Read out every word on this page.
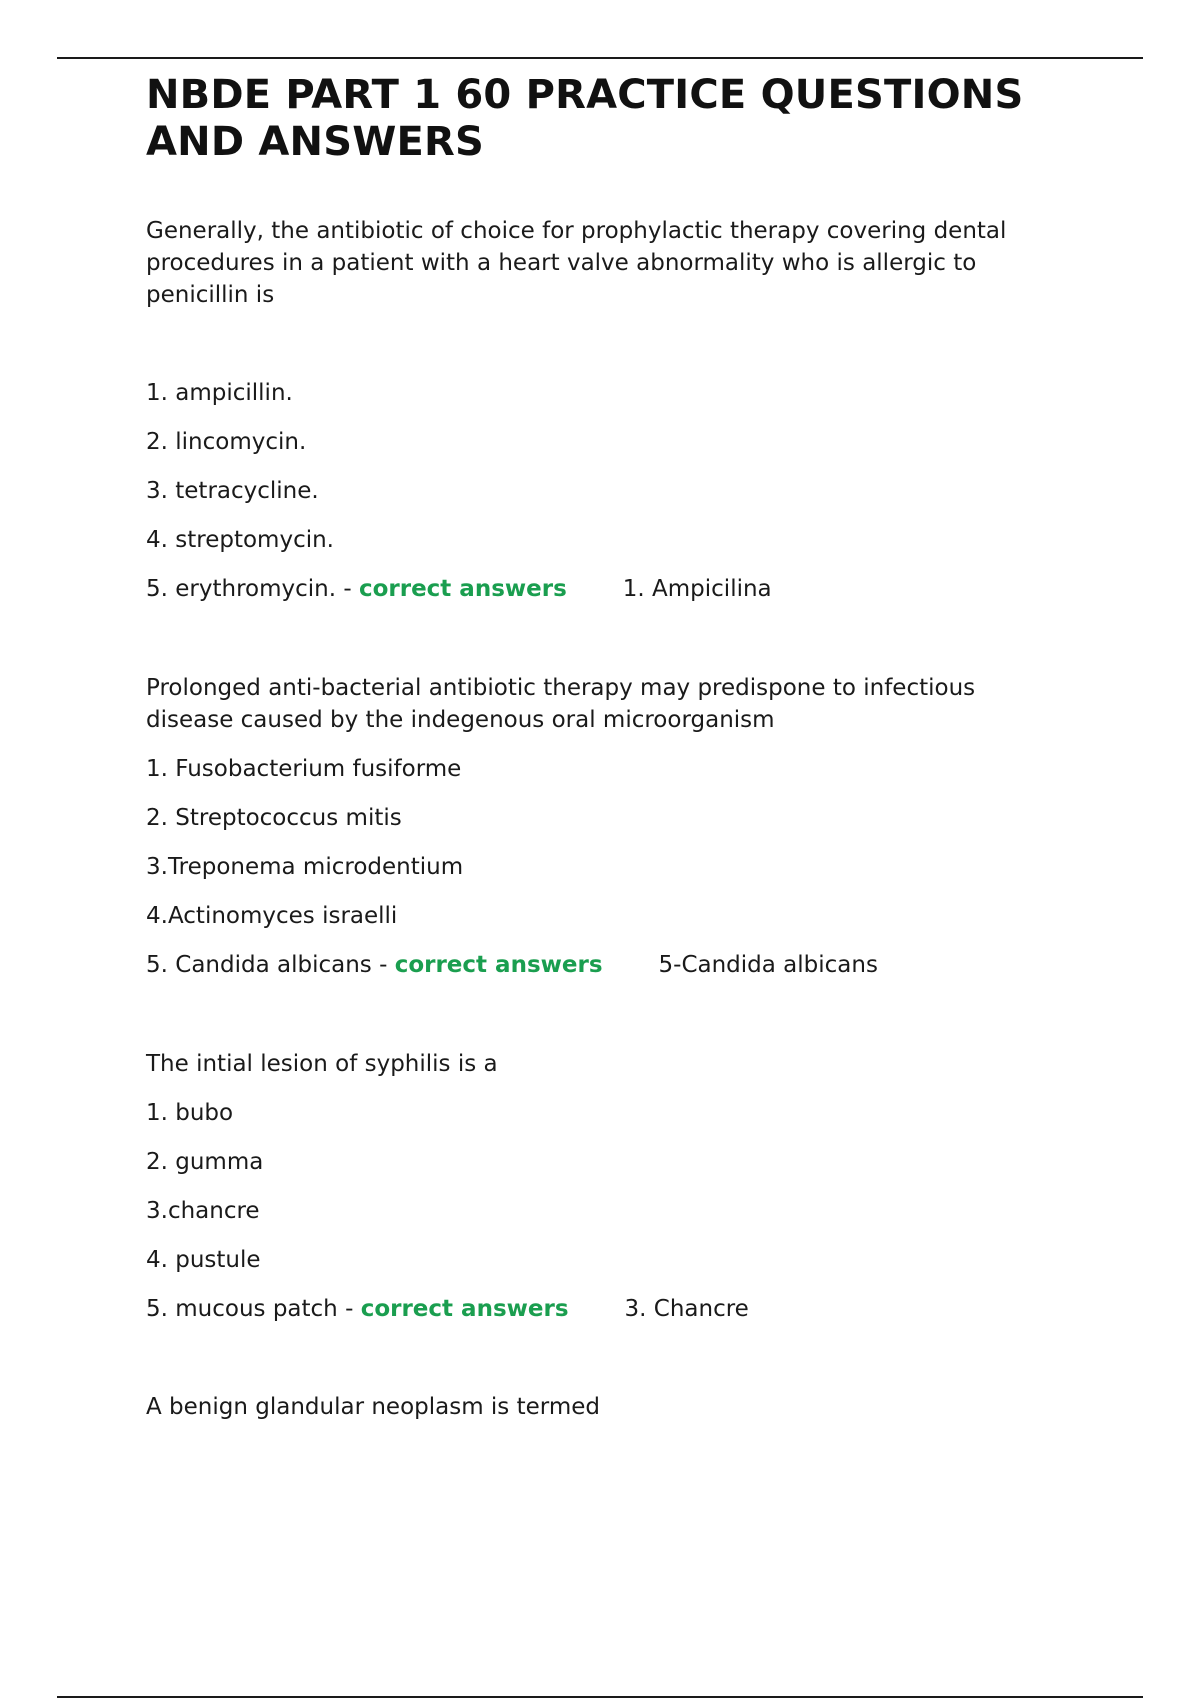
NBDE PART 1 60 PRACTICE QUESTIONS
AND ANSWERS

Generally, the antibiotic of choice for prophylactic therapy covering dental
procedures in a patient with a heart valve abnormality who is allergic to
penicillin is

1. ampicillin.

2. lincomycin.

3. tetracycline.

4. streptomycin.

5. erythromycin. - correct answers 1. Ampicilina

Prolonged anti-bacterial antibiotic therapy may predispone to infectious
disease caused by the indegenous oral microorganism

1. Fusobacterium fusiforme

2. Streptococcus mitis

3.Treponema microdentium

4.Actinomyces israelli

5. Candida albicans - correct answers 5-Candida albicans

The intial lesion of syphilis is a

1. bubo

2. gumma

3.chancre

4. pustule

5. mucous patch - correct answers 3. Chancre

A benign glandular neoplasm is termed
